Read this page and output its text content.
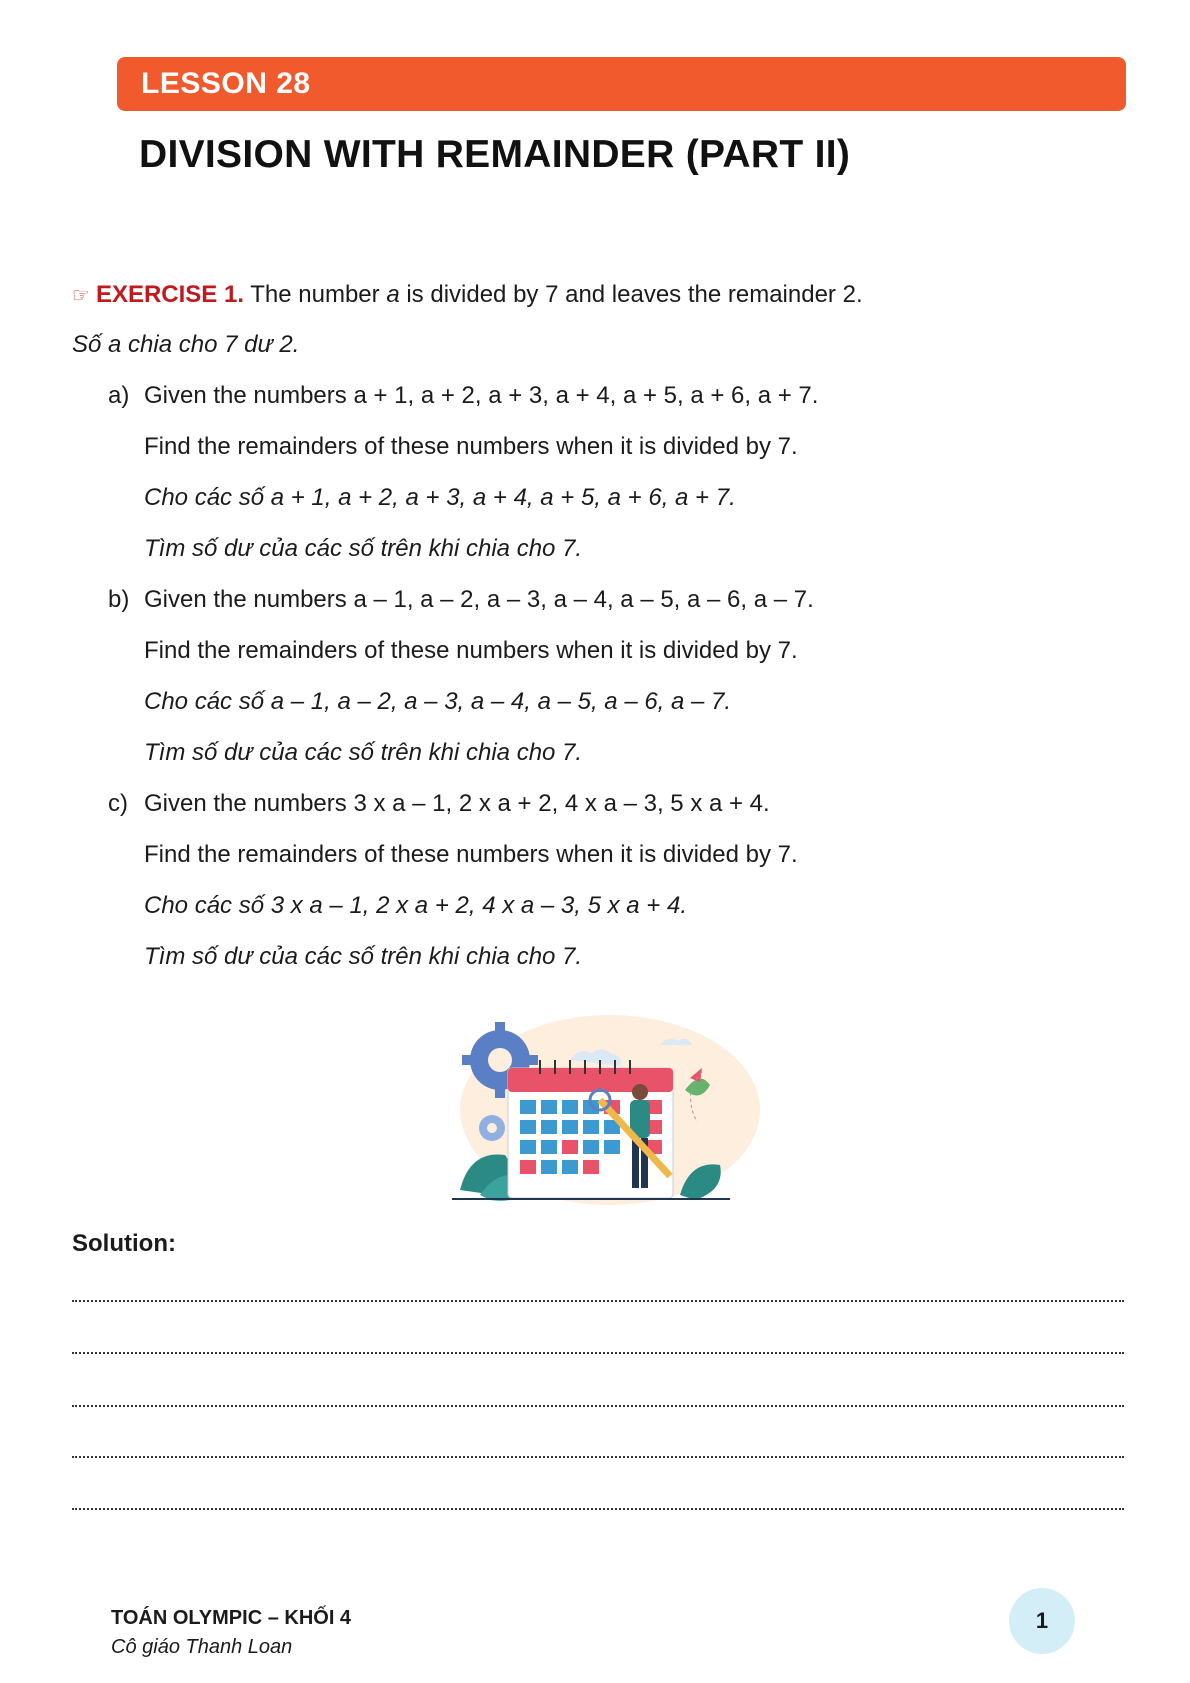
LESSON 28
DIVISION WITH REMAINDER (PART II)
☞ EXERCISE 1. The number a is divided by 7 and leaves the remainder 2.
Số a chia cho 7 dư 2.
a) Given the numbers a + 1, a + 2, a + 3, a + 4, a + 5, a + 6, a + 7.
Find the remainders of these numbers when it is divided by 7.
Cho các số a + 1, a + 2, a + 3, a + 4, a + 5, a + 6, a + 7.
Tìm số dư của các số trên khi chia cho 7.
b) Given the numbers a – 1, a – 2, a – 3, a – 4, a – 5, a – 6, a – 7.
Find the remainders of these numbers when it is divided by 7.
Cho các số a – 1, a – 2, a – 3, a – 4, a – 5, a – 6, a – 7.
Tìm số dư của các số trên khi chia cho 7.
c) Given the numbers 3 x a – 1, 2 x a + 2, 4 x a – 3, 5 x a + 4.
Find the remainders of these numbers when it is divided by 7.
Cho các số 3 x a – 1, 2 x a + 2, 4 x a – 3, 5 x a + 4.
Tìm số dư của các số trên khi chia cho 7.
Solution:
TOÁN OLYMPIC – KHỐI 4
Cô giáo Thanh Loan
1
